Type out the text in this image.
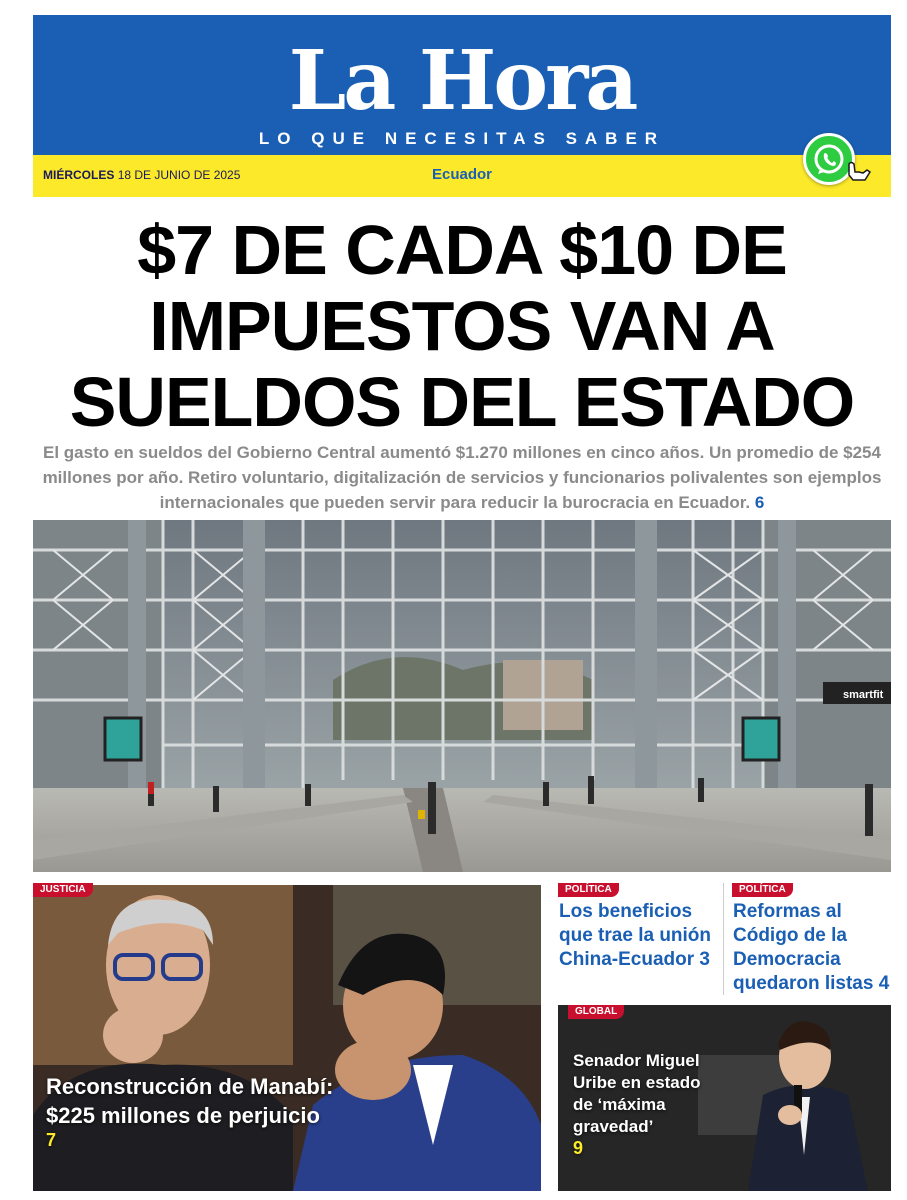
La Hora
LO QUE NECESITAS SABER
MIÉRCOLES 18 DE JUNIO DE 2025	Ecuador
$7 DE CADA $10 DE
IMPUESTOS VAN A
SUELDOS DEL ESTADO
El gasto en sueldos del Gobierno Central aumentó $1.270 millones en cinco años. Un promedio de $254 millones por año. Retiro voluntario, digitalización de servicios y funcionarios polivalentes son ejemplos internacionales que pueden servir para reducir la burocracia en Ecuador. 6
smartfit
JUSTICIA	POLÍTICA	POLÍTICA
GLOBAL
Reconstrucción de Manabí: $225 millones de perjuicio
7
Los beneficios que trae la unión China-Ecuador 3
Reformas al Código de la Democracia quedaron listas 4
Senador Miguel Uribe en estado de ‘máxima gravedad’
9
